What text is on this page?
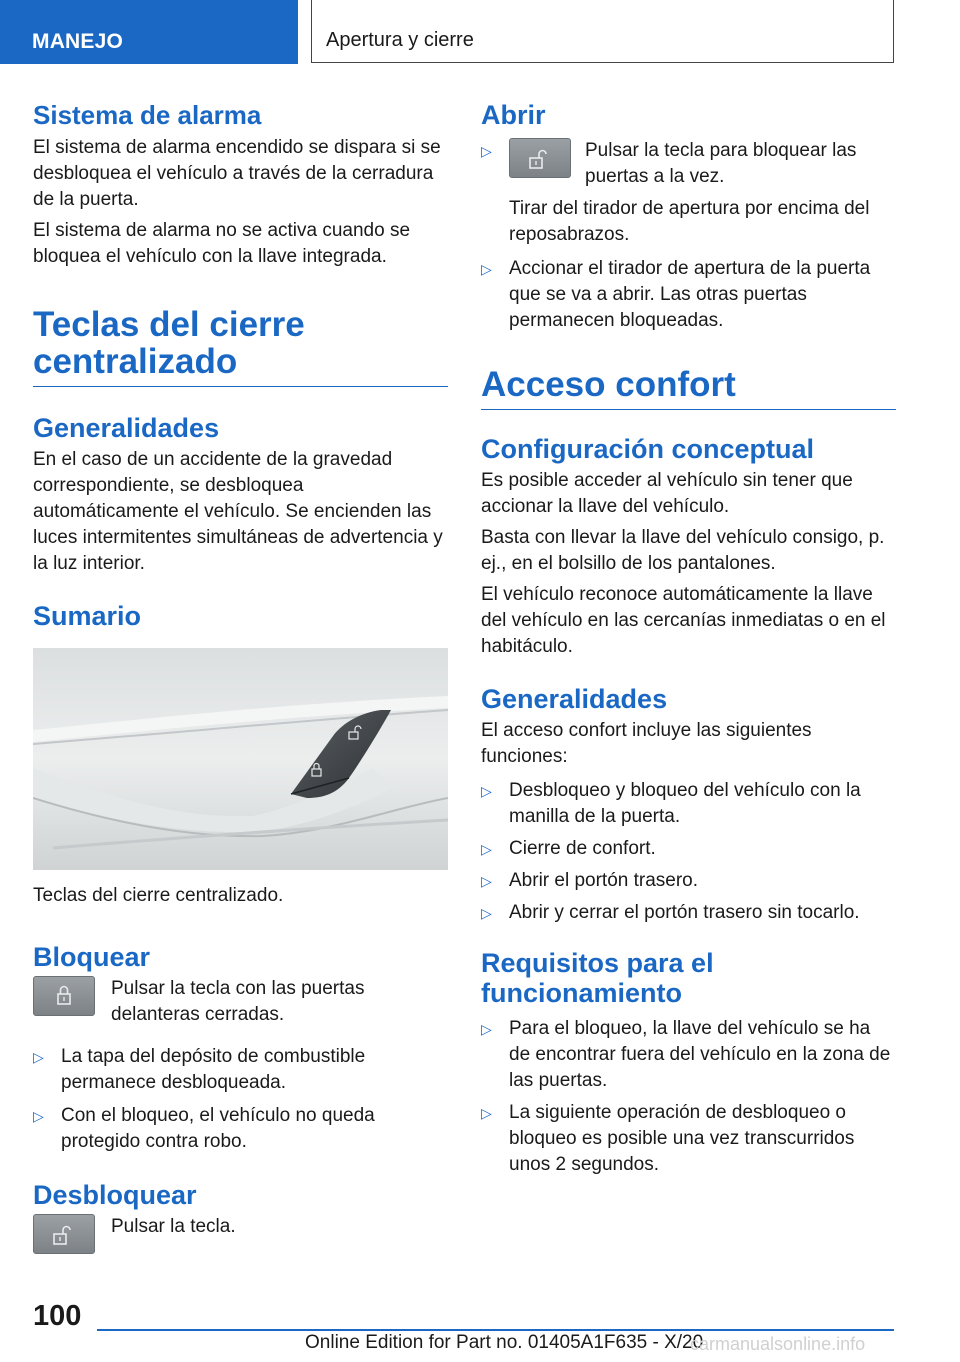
MANEJO	Apertura y cierre
Sistema de alarma

El sistema de alarma encendido se dispara si se desbloquea el vehículo a través de la cerradura de la puerta.

El sistema de alarma no se activa cuando se bloquea el vehículo con la llave integrada.

Teclas del cierre centralizado
Generalidades

En el caso de un accidente de la gravedad correspondiente, se desbloquea automáticamente el vehículo. Se encienden las luces intermitentes simultáneas de advertencia y la luz interior.

Sumario

Teclas del cierre centralizado.

Bloquear

Pulsar la tecla con las puertas delanteras cerradas.

▷ La tapa del depósito de combustible permanece desbloqueada.
▷ Con el bloqueo, el vehículo no queda protegido contra robo.
Desbloquear

Pulsar la tecla.

Abrir
▷	Pulsar la tecla para bloquear las puertas a la vez.

Tirar del tirador de apertura por encima del reposabrazos.

▷ Accionar el tirador de apertura de la puerta que se va a abrir. Las otras puertas permanecen bloqueadas.
Acceso confort
Configuración conceptual

Es posible acceder al vehículo sin tener que accionar la llave del vehículo.

Basta con llevar la llave del vehículo consigo, p. ej., en el bolsillo de los pantalones.

El vehículo reconoce automáticamente la llave del vehículo en las cercanías inmediatas o en el habitáculo.

Generalidades

El acceso confort incluye las siguientes funciones:

▷ Desbloqueo y bloqueo del vehículo con la manilla de la puerta.
▷ Cierre de confort.
▷ Abrir el portón trasero.
▷ Abrir y cerrar el portón trasero sin tocarlo.
Requisitos para el funcionamiento
▷ Para el bloqueo, la llave del vehículo se ha de encontrar fuera del vehículo en la zona de las puertas.
▷ La siguiente operación de desbloqueo o bloqueo es posible una vez transcurridos unos 2 segundos.
100
Online Edition for Part no. 01405A1F635 - X/20
carmanualsonline.info
